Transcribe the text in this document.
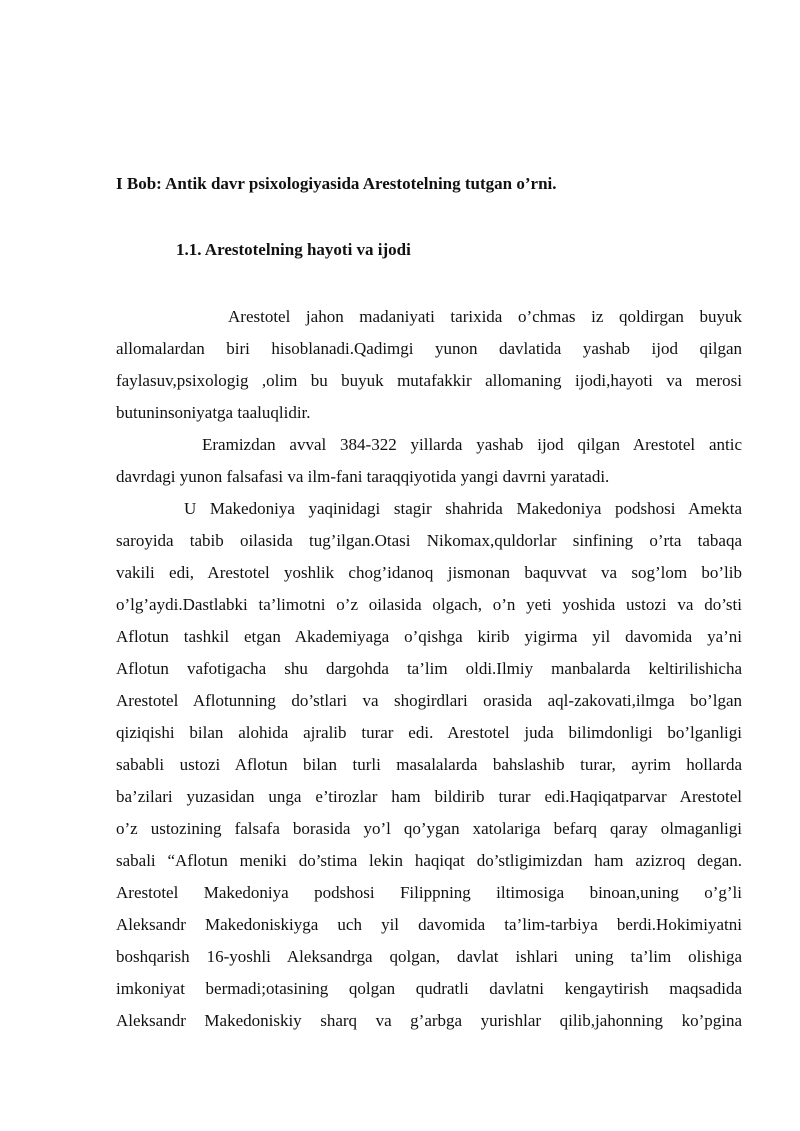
I Bob: Antik davr psixologiyasida Arestotelning tutgan o’rni.
1.1. Arestotelning hayoti va ijodi
Arestotel jahon madaniyati tarixida o’chmas iz qoldirgan buyuk
allomalardan biri hisoblanadi.Qadimgi yunon davlatida yashab ijod qilgan
faylasuv,psixologig ,olim bu buyuk mutafakkir allomaning ijodi,hayoti va merosi
butuninsoniyatga taaluqlidir.
Eramizdan avval 384-322 yillarda yashab ijod qilgan Arestotel antic
davrdagi yunon falsafasi va ilm-fani taraqqiyotida yangi davrni yaratadi.
U Makedoniya yaqinidagi stagir shahrida Makedoniya podshosi Amekta
saroyida tabib oilasida tug’ilgan.Otasi Nikomax,quldorlar sinfining o’rta tabaqa
vakili edi, Arestotel yoshlik chog’idanoq jismonan baquvvat va sog’lom bo’lib
o’lg’aydi.Dastlabki ta’limotni o’z oilasida olgach, o’n yeti yoshida ustozi va do’sti
Aflotun tashkil etgan Akademiyaga o’qishga kirib yigirma yil davomida ya’ni
Aflotun vafotigacha shu dargohda ta’lim oldi.Ilmiy manbalarda keltirilishicha
Arestotel Aflotunning do’stlari va shogirdlari orasida aql-zakovati,ilmga bo’lgan
qiziqishi bilan alohida ajralib turar edi. Arestotel juda bilimdonligi bo’lganligi
sababli ustozi Aflotun bilan turli masalalarda bahslashib turar, ayrim hollarda
ba’zilari yuzasidan unga e’tirozlar ham bildirib turar edi.Haqiqatparvar Arestotel
o’z ustozining falsafa borasida yo’l qo’ygan xatolariga befarq qaray olmaganligi
sabali “Aflotun meniki do’stima lekin haqiqat do’stligimizdan ham azizroq degan.
Arestotel Makedoniya podshosi Filippning iltimosiga binoan,uning o’g’li
Aleksandr Makedoniskiyga uch yil davomida ta’lim-tarbiya berdi.Hokimiyatni
boshqarish 16-yoshli Aleksandrga qolgan, davlat ishlari uning ta’lim olishiga
imkoniyat bermadi;otasining qolgan qudratli davlatni kengaytirish maqsadida
Aleksandr Makedoniskiy sharq va g’arbga yurishlar qilib,jahonning ko’pgina
